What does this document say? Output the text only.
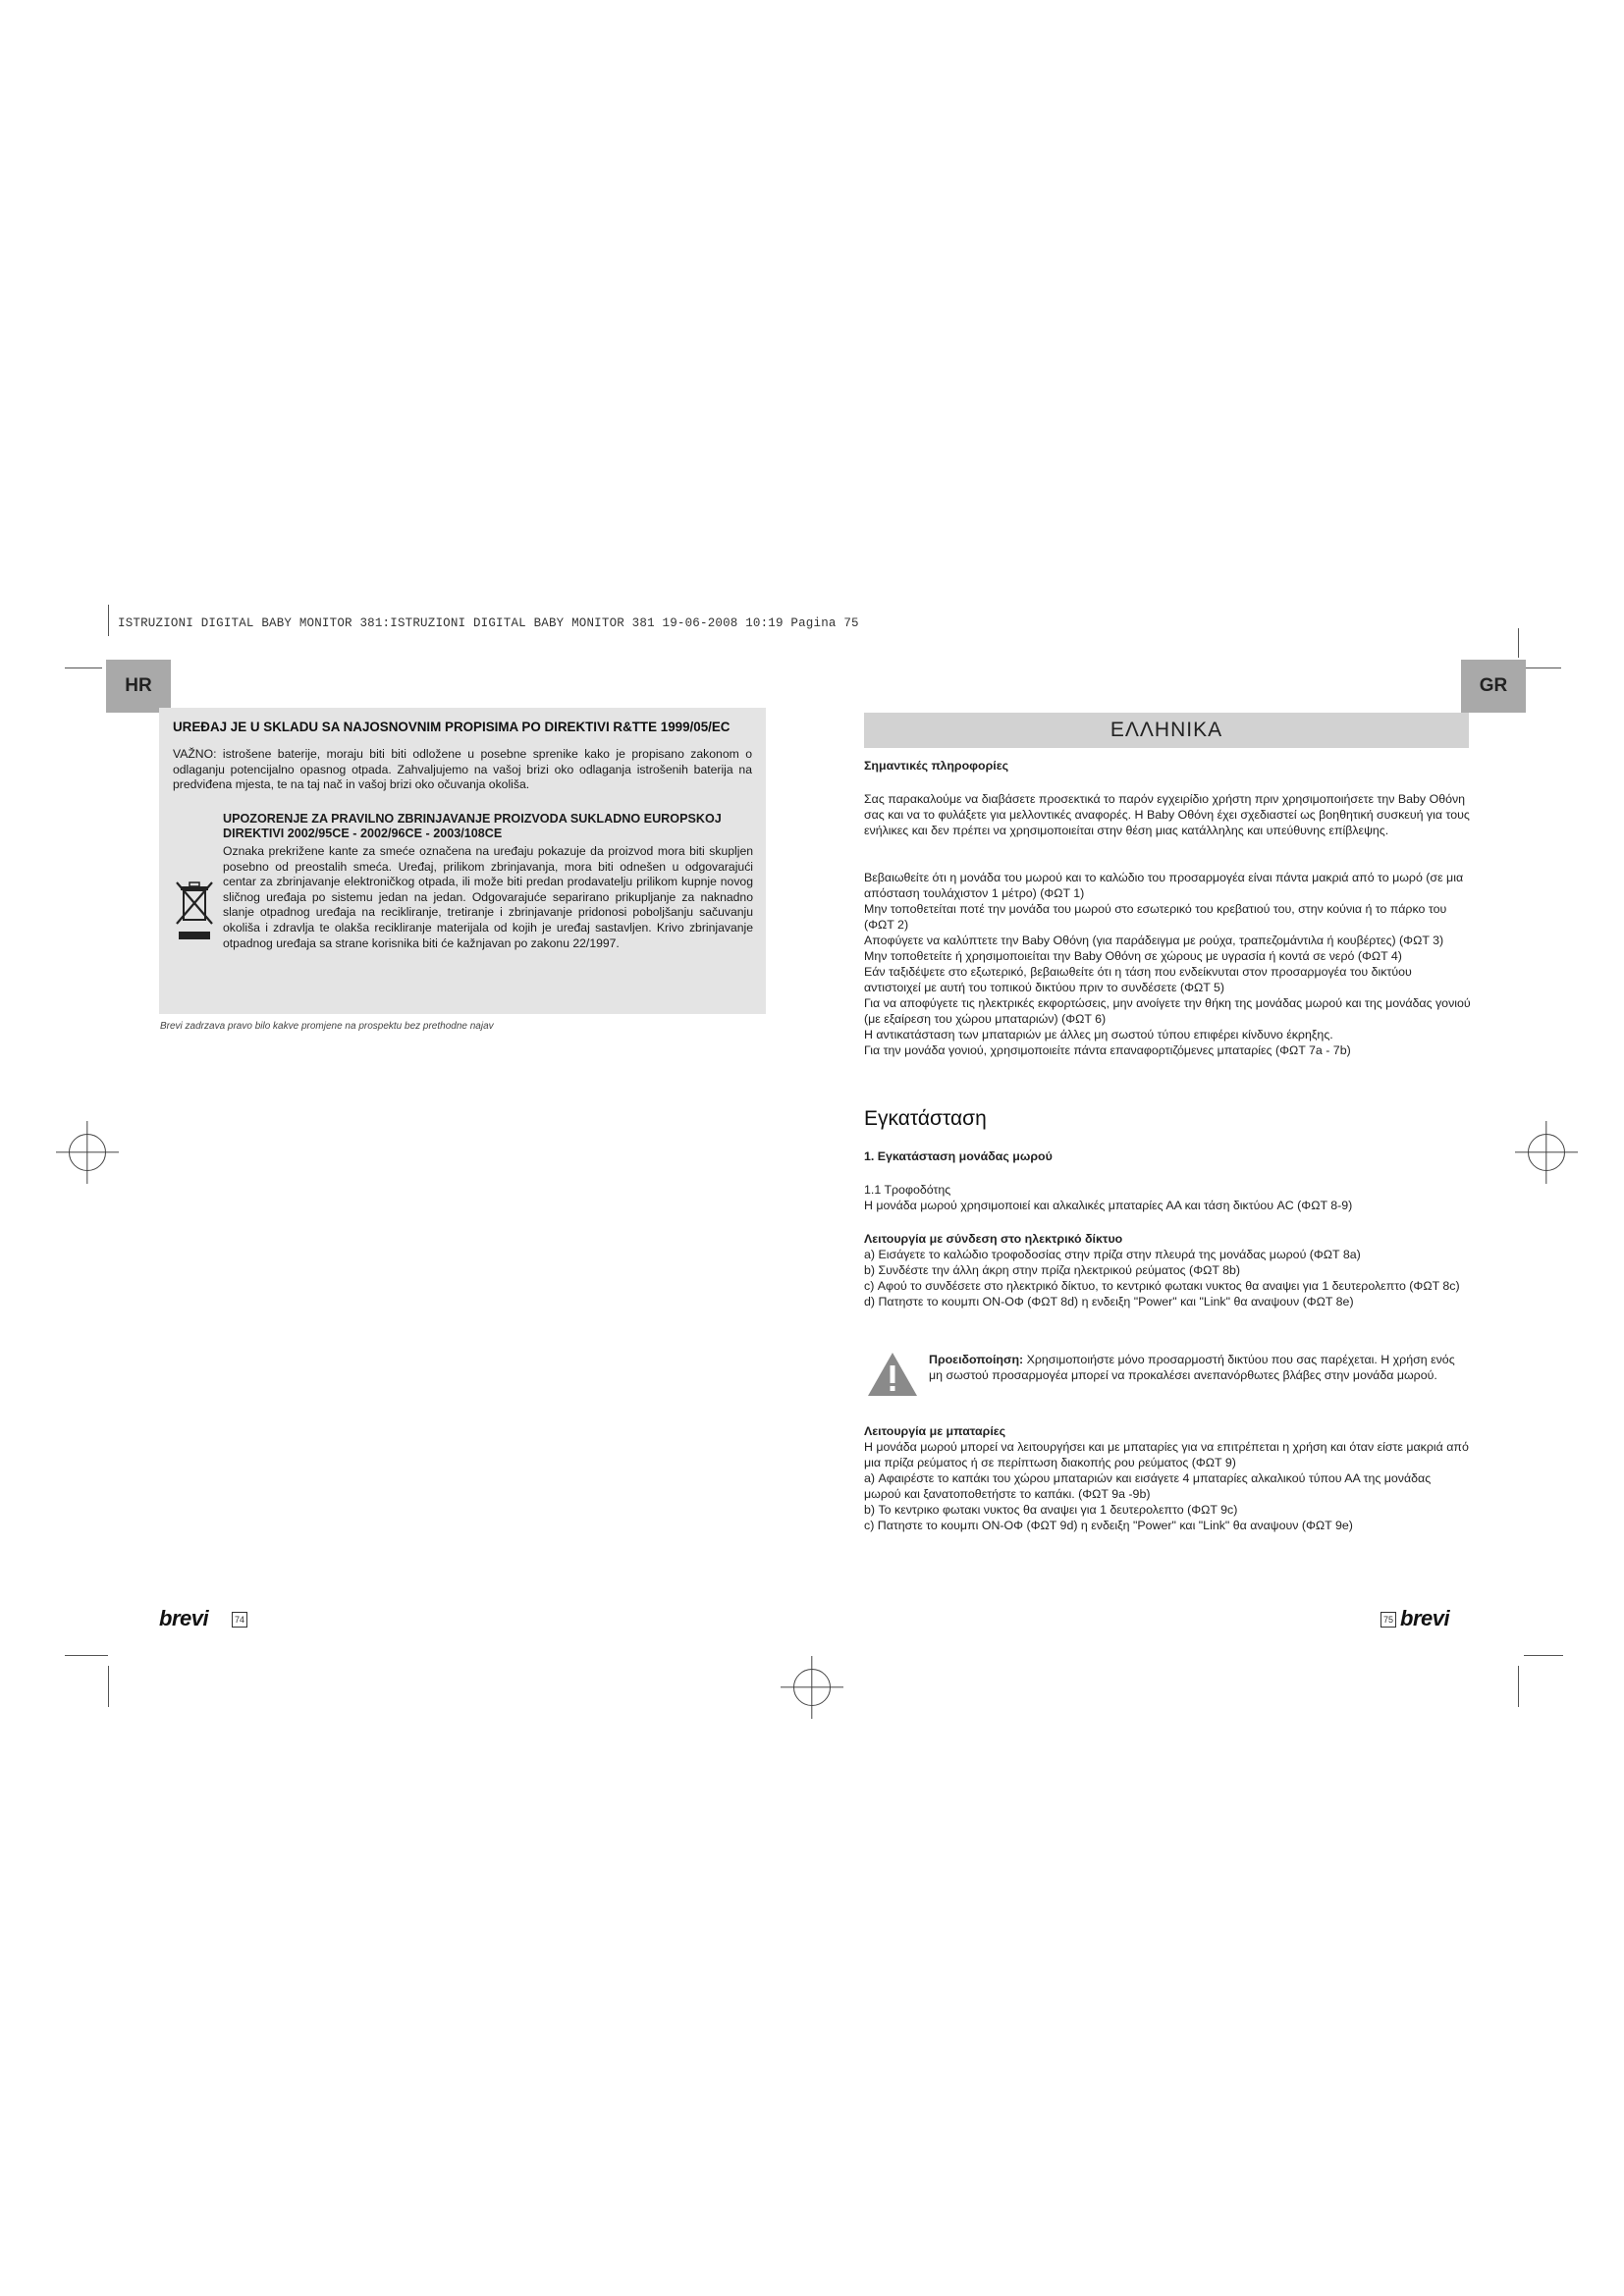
ISTRUZIONI DIGITAL BABY MONITOR 381:ISTRUZIONI DIGITAL BABY MONITOR 381 19-06-2008 10:19 Pagina 75
HR	GR
UREĐAJ JE U SKLADU SA NAJOSNOVNIM PROPISIMA PO DIREKTIVI R&TTE 1999/05/EC
VAŽNO: istrošene baterije, moraju biti biti odložene u posebne sprenike kako je propisano zakonom o odlaganju potencijalno opasnog otpada. Zahvaljujemo na vašoj brizi oko odlaganja istrošenih baterija na predviđena mjesta, te na taj nač in vašoj brizi oko očuvanja okoliša.
UPOZORENJE ZA PRAVILNO ZBRINJAVANJE PROIZVODA SUKLADNO EUROPSKOJ DIREKTIVI 2002/95CE - 2002/96CE - 2003/108CE
Oznaka prekrižene kante za smeće označena na uređaju pokazuje da proizvod mora biti skupljen posebno od preostalih smeća. Uređaj, prilikom zbrinjavanja, mora biti odnešen u odgovarajući centar za zbrinjavanje elektroničkog otpada, ili može biti predan prodavatelju prilikom kupnje novog sličnog uređaja po sistemu jedan na jedan. Odgovarajuće separirano prikupljanje za naknadno slanje otpadnog uređaja na recikliranje, tretiranje i zbrinjavanje pridonosi poboljšanju sačuvanju okoliša i zdravlja te olakša recikliranje materijala od kojih je uređaj sastavljen. Krivo zbrinjavanje otpadnog uređaja sa strane korisnika biti će kažnjavan po zakonu 22/1997.
Brevi zadrzava pravo bilo kakve promjene na prospektu bez prethodne najav
ΕΛΛΗΝΙΚΑ
Σημαντικές πληροφορίες
Σας παρακαλούμε να διαβάσετε προσεκτικά το παρόν εγχειρίδιο χρήστη πριν χρησιμοποιήσετε την Baby Οθόνη σας και να το φυλάξετε για μελλοντικές αναφορές. Η Baby Οθόνη έχει σχεδιαστεί ως βοηθητική συσκευή για τους ενήλικες και δεν πρέπει να χρησιμοποιείται στην θέση μιας κατάλληλης και υπεύθυνης επίβλεψης.
Βεβαιωθείτε ότι η μονάδα του μωρού και το καλώδιο του προσαρμογέα είναι πάντα μακριά από το μωρό (σε μια απόσταση τουλάχιστον 1 μέτρο) (ΦΩΤ 1)
Μην τοποθετείται ποτέ την μονάδα του μωρού στο εσωτερικό του κρεβατιού του, στην κούνια ή το πάρκο του (ΦΩΤ 2)
Αποφύγετε να καλύπτετε την Baby Οθόνη (για παράδειγμα με ρούχα, τραπεζομάντιλα ή κουβέρτες) (ΦΩΤ 3)
Μην τοποθετείτε ή χρησιμοποιείται την Baby Οθόνη σε χώρους με υγρασία ή κοντά σε νερό (ΦΩΤ 4)
Εάν ταξιδέψετε στο εξωτερικό, βεβαιωθείτε ότι η τάση που ενδείκνυται στον προσαρμογέα του δικτύου αντιστοιχεί με αυτή του τοπικού δικτύου πριν το συνδέσετε (ΦΩΤ 5)
Για να αποφύγετε τις ηλεκτρικές εκφορτώσεις, μην ανοίγετε την θήκη της μονάδας μωρού και της μονάδας γονιού (με εξαίρεση του χώρου μπαταριών) (ΦΩΤ 6)
Η αντικατάσταση των μπαταριών με άλλες μη σωστού τύπου επιφέρει κίνδυνο έκρηξης.
Για την μονάδα γονιού, χρησιμοποιείτε πάντα επαναφορτιζόμενες μπαταρίες (ΦΩΤ 7a - 7b)
Εγκατάσταση
1. Εγκατάσταση μονάδας μωρού
1.1 Τροφοδότης
Η μονάδα μωρού χρησιμοποιεί και αλκαλικές μπαταρίες ΑΑ και τάση δικτύου AC (ΦΩΤ 8-9)
Λειτουργία με σύνδεση στο ηλεκτρικό δίκτυο
a) Εισάγετε το καλώδιο τροφοδοσίας στην πρίζα στην πλευρά της μονάδας μωρού (ΦΩΤ 8a)
b) Συνδέστε την άλλη άκρη στην πρίζα ηλεκτρικού ρεύματος (ΦΩΤ 8b)
c) Αφού το συνδέσετε στο ηλεκτρικό δίκτυο, το κεντρικό φωτακι νυκτος θα αναψει για 1 δευτερολεπτο (ΦΩΤ 8c)
d) Πατηστε το κουμπι ON-ΟΦ (ΦΩΤ 8d) η ενδειξη "Power" και "Link" θα αναψουν (ΦΩΤ 8e)
Προειδοποίηση: Χρησιμοποιήστε μόνο προσαρμοστή δικτύου που σας παρέχεται. Η χρήση ενός μη σωστού προσαρμογέα μπορεί να προκαλέσει ανεπανόρθωτες βλάβες στην μονάδα μωρού.
Λειτουργία με μπαταρίες
Η μονάδα μωρού μπορεί να λειτουργήσει και με μπαταρίες για να επιτρέπεται η χρήση και όταν είστε μακριά από μια πρίζα ρεύματος ή σε περίπτωση διακοπής ρου ρεύματος (ΦΩΤ 9)
a) Αφαιρέστε το καπάκι του χώρου μπαταριών και εισάγετε 4 μπαταρίες αλκαλικού τύπου ΑΑ της μονάδας μωρού και ξανατοποθετήστε το καπάκι. (ΦΩΤ 9a -9b)
b) Το κεντρικο φωτακι νυκτος θα αναψει για 1 δευτερολεπτο (ΦΩΤ 9c)
c) Πατηστε το κουμπι ON-ΟΦ (ΦΩΤ 9d) η ενδειξη "Power" και "Link" θα αναψουν (ΦΩΤ 9e)
brevi	74	75 brevi
